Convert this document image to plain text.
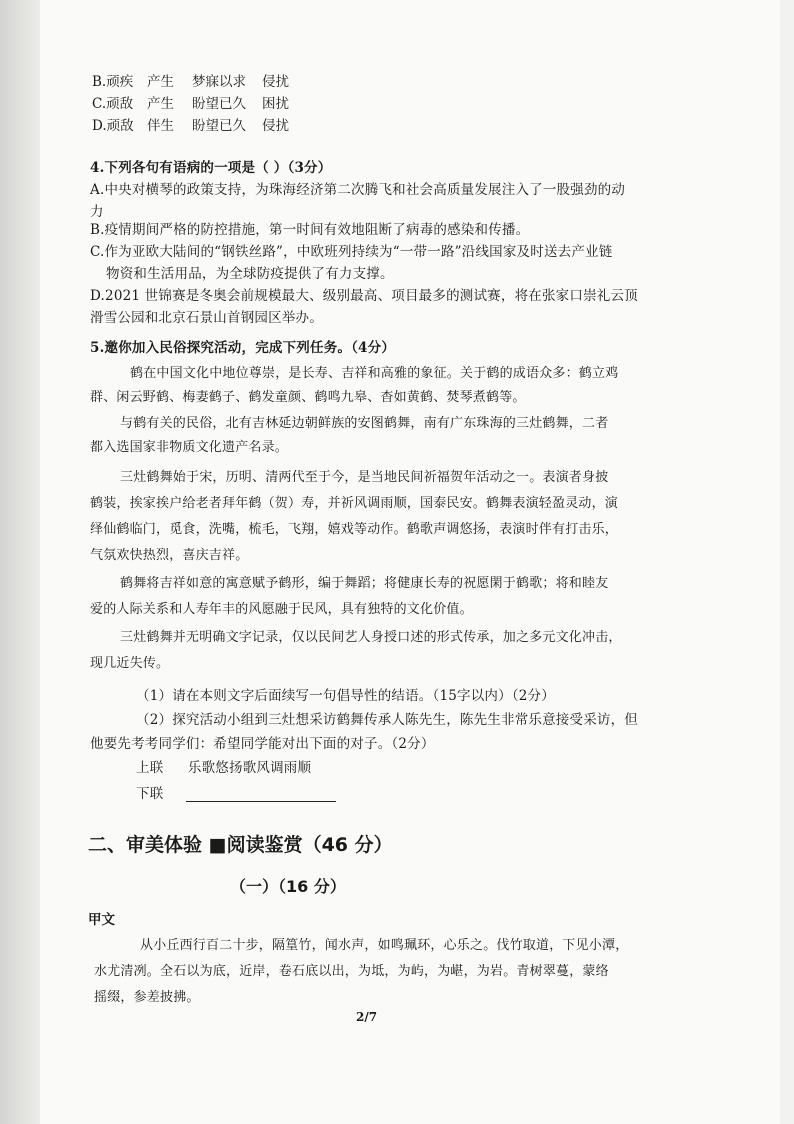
B.顽疾 产生 梦寐以求 侵扰
C.顽敌 产生 盼望已久 困扰
D.顽敌 伴生 盼望已久 侵扰
4.下列各句有语病的一项是（ ）（3分）
A.中央对横琴的政策支持，为珠海经济第二次腾飞和社会高质量发展注入了一股强劲的动
力
B.疫情期间严格的防控措施，第一时间有效地阻断了病毒的感染和传播。
C.作为亚欧大陆间的“钢铁丝路”，中欧班列持续为“一带一路”沿线国家及时送去产业链
物资和生活用品，为全球防疫提供了有力支撑。
D.2021 世锦赛是冬奥会前规模最大、级别最高、项目最多的测试赛，将在张家口崇礼云顶
滑雪公园和北京石景山首钢园区举办。
5.邀你加入民俗探究活动，完成下列任务。（4分）
鹤在中国文化中地位尊崇，是长寿、吉祥和高雅的象征。关于鹤的成语众多：鹤立鸡
群、闲云野鹤、梅妻鹤子、鹤发童颜、鹤鸣九皋、杳如黄鹤、焚琴煮鹤等。
与鹤有关的民俗，北有吉林延边朝鲜族的安图鹤舞，南有广东珠海的三灶鹤舞，二者
都入选国家非物质文化遗产名录。
三灶鹤舞始于宋，历明、清两代至于今，是当地民间祈福贺年活动之一。表演者身披
鹤装，挨家挨户给老者拜年鹤（贺）寿，并祈风调雨顺，国泰民安。鹤舞表演轻盈灵动，演
绎仙鹤临门，觅食，洗嘴，梳毛，飞翔，嬉戏等动作。鹤歌声调悠扬，表演时伴有打击乐，
气氛欢快热烈，喜庆吉祥。
鹤舞将吉祥如意的寓意赋予鹤形，编于舞蹈；将健康长寿的祝愿閑于鹤歌；将和睦友
爱的人际关系和人寿年丰的风愿融于民风，具有独特的文化价值。
三灶鹤舞并无明确文字记录，仅以民间艺人身授口述的形式传承，加之多元文化冲击，
现几近失传。
（1）请在本则文字后面续写一句倡导性的结语。（15字以内）（2分）
（2）探究活动小组到三灶想采访鹤舞传承人陈先生，陈先生非常乐意接受采访，但
他要先考考同学们：希望同学能对出下面的对子。（2分）
上联 乐歌悠扬歌风调雨顺
下联
二、审美体验 ■阅读鉴赏（46 分）
（一）（16 分）
甲文
从小丘西行百二十步，隔篁竹，闻水声，如鸣珮环，心乐之。伐竹取道，下见小潭，
水尤清冽。全石以为底，近岸，卷石底以出，为坻，为屿，为嵁，为岩。青树翠蔓，蒙络
摇缀，参差披拂。
2/7
